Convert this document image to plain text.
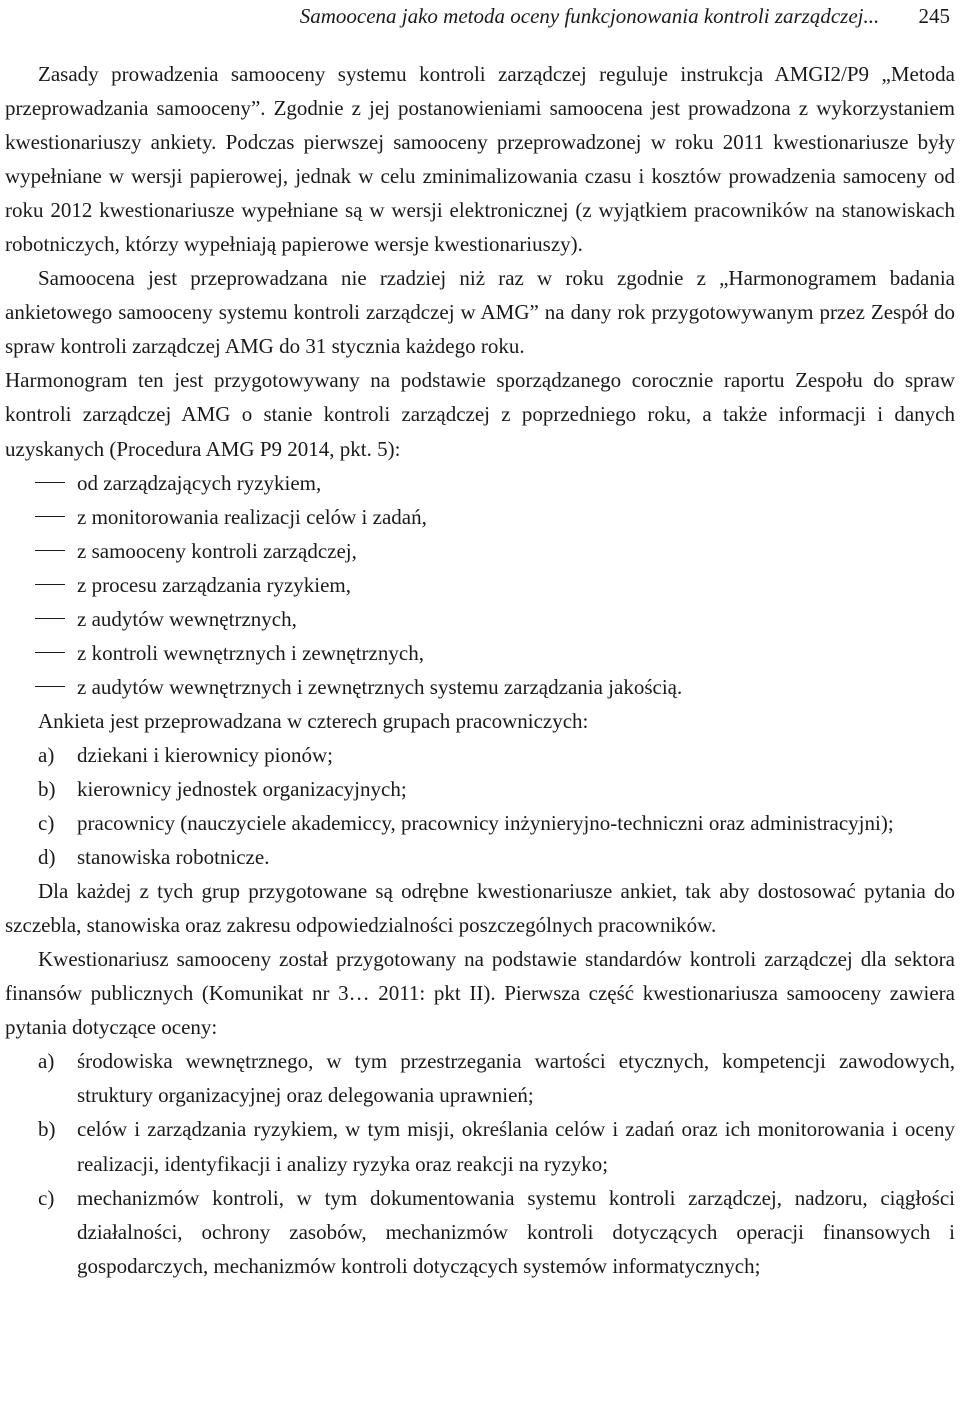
Samoocena jako metoda oceny funkcjonowania kontroli zarządczej... 245

Zasady prowadzenia samooceny systemu kontroli zarządczej reguluje instrukcja AMGI2/P9 „Metoda przeprowadzania samooceny”. Zgodnie z jej postanowieniami samoocena jest prowadzona z wykorzystaniem kwestionariuszy ankiety. Podczas pierwszej samooceny przeprowadzonej w roku 2011 kwestionariusze były wypełniane w wersji papierowej, jednak w celu zminimalizowania czasu i kosztów prowadzenia samoceny od roku 2012 kwestionariusze wypełniane są w wersji elektronicznej (z wyjątkiem pracowników na stanowiskach robotniczych, którzy wypełniają papierowe wersje kwestionariuszy).

Samoocena jest przeprowadzana nie rzadziej niż raz w roku zgodnie z „Harmonogramem badania ankietowego samooceny systemu kontroli zarządczej w AMG” na dany rok przygotowywanym przez Zespół do spraw kontroli zarządczej AMG do 31 stycznia każdego roku.

Harmonogram ten jest przygotowywany na podstawie sporządzanego corocznie raportu Zespołu do spraw kontroli zarządczej AMG o stanie kontroli zarządczej z poprzedniego roku, a także informacji i danych uzyskanych (Procedura AMG P9 2014, pkt. 5):

od zarządzających ryzykiem,
z monitorowania realizacji celów i zadań,
z samooceny kontroli zarządczej,
z procesu zarządzania ryzykiem,
z audytów wewnętrznych,
z kontroli wewnętrznych i zewnętrznych,
z audytów wewnętrznych i zewnętrznych systemu zarządzania jakością.

Ankieta jest przeprowadzana w czterech grupach pracowniczych:

a) dziekani i kierownicy pionów;
b) kierownicy jednostek organizacyjnych;
c) pracownicy (nauczyciele akademiccy, pracownicy inżynieryjno-techniczni oraz administracyjni);
d) stanowiska robotnicze.

Dla każdej z tych grup przygotowane są odrębne kwestionariusze ankiet, tak aby dostosować pytania do szczebla, stanowiska oraz zakresu odpowiedzialności poszczególnych pracowników.

Kwestionariusz samooceny został przygotowany na podstawie standardów kontroli zarządczej dla sektora finansów publicznych (Komunikat nr 3… 2011: pkt II). Pierwsza część kwestionariusza samooceny zawiera pytania dotyczące oceny:

a) środowiska wewnętrznego, w tym przestrzegania wartości etycznych, kompetencji zawodowych, struktury organizacyjnej oraz delegowania uprawnień;
b) celów i zarządzania ryzykiem, w tym misji, określania celów i zadań oraz ich monitorowania i oceny realizacji, identyfikacji i analizy ryzyka oraz reakcji na ryzyko;
c) mechanizmów kontroli, w tym dokumentowania systemu kontroli zarządczej, nadzoru, ciągłości działalności, ochrony zasobów, mechanizmów kontroli dotyczących operacji finansowych i gospodarczych, mechanizmów kontroli dotyczących systemów informatycznych;
